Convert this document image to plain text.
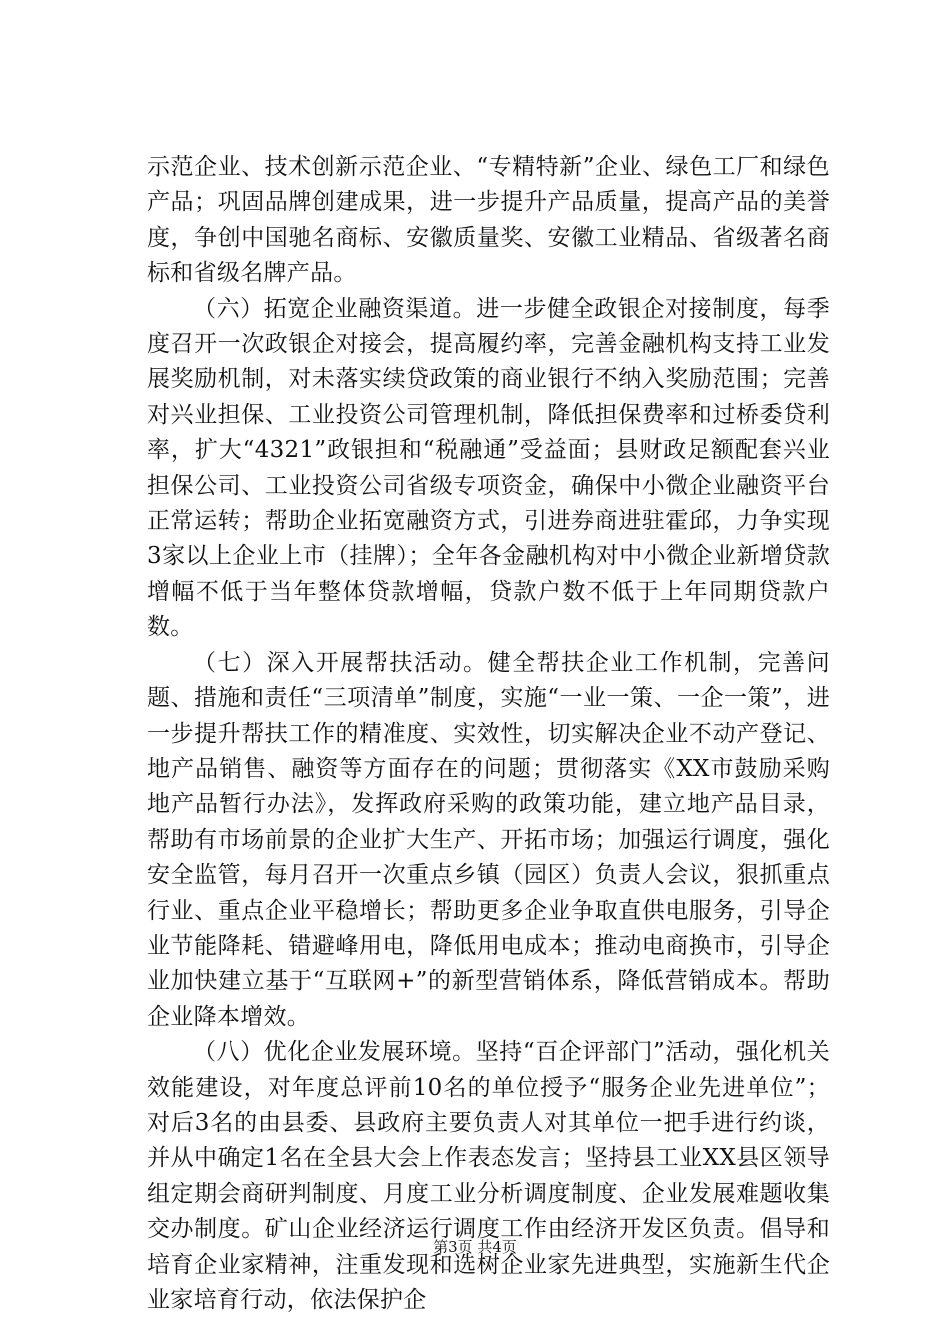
示范企业、技术创新示范企业、“专精特新”企业、绿色工厂和绿色产品；巩固品牌创建成果，进一步提升产品质量，提高产品的美誉度，争创中国驰名商标、安徽质量奖、安徽工业精品、省级著名商标和省级名牌产品。

（六）拓宽企业融资渠道。进一步健全政银企对接制度，每季度召开一次政银企对接会，提高履约率，完善金融机构支持工业发展奖励机制，对未落实续贷政策的商业银行不纳入奖励范围；完善对兴业担保、工业投资公司管理机制，降低担保费率和过桥委贷利率，扩大“4321”政银担和“税融通”受益面；县财政足额配套兴业担保公司、工业投资公司省级专项资金，确保中小微企业融资平台正常运转；帮助企业拓宽融资方式，引进券商进驻霍邱，力争实现3家以上企业上市（挂牌）；全年各金融机构对中小微企业新增贷款增幅不低于当年整体贷款增幅，贷款户数不低于上年同期贷款户数。

（七）深入开展帮扶活动。健全帮扶企业工作机制，完善问题、措施和责任“三项清单”制度，实施“一业一策、一企一策”，进一步提升帮扶工作的精准度、实效性，切实解决企业不动产登记、地产品销售、融资等方面存在的问题；贯彻落实《XX市鼓励采购地产品暂行办法》，发挥政府采购的政策功能，建立地产品目录，帮助有市场前景的企业扩大生产、开拓市场；加强运行调度，强化安全监管，每月召开一次重点乡镇（园区）负责人会议，狠抓重点行业、重点企业平稳增长；帮助更多企业争取直供电服务，引导企业节能降耗、错避峰用电，降低用电成本；推动电商换市，引导企业加快建立基于“互联网+”的新型营销体系，降低营销成本。帮助企业降本增效。

（八）优化企业发展环境。坚持“百企评部门”活动，强化机关效能建设，对年度总评前10名的单位授予“服务企业先进单位”；对后3名的由县委、县政府主要负责人对其单位一把手进行约谈，并从中确定1名在全县大会上作表态发言；坚持县工业XX县区领导组定期会商研判制度、月度工业分析调度制度、企业发展难题收集交办制度。矿山企业经济运行调度工作由经济开发区负责。倡导和培育企业家精神，注重发现和选树企业家先进典型，实施新生代企业家培育行动，依法保护企

第3页 共4页
